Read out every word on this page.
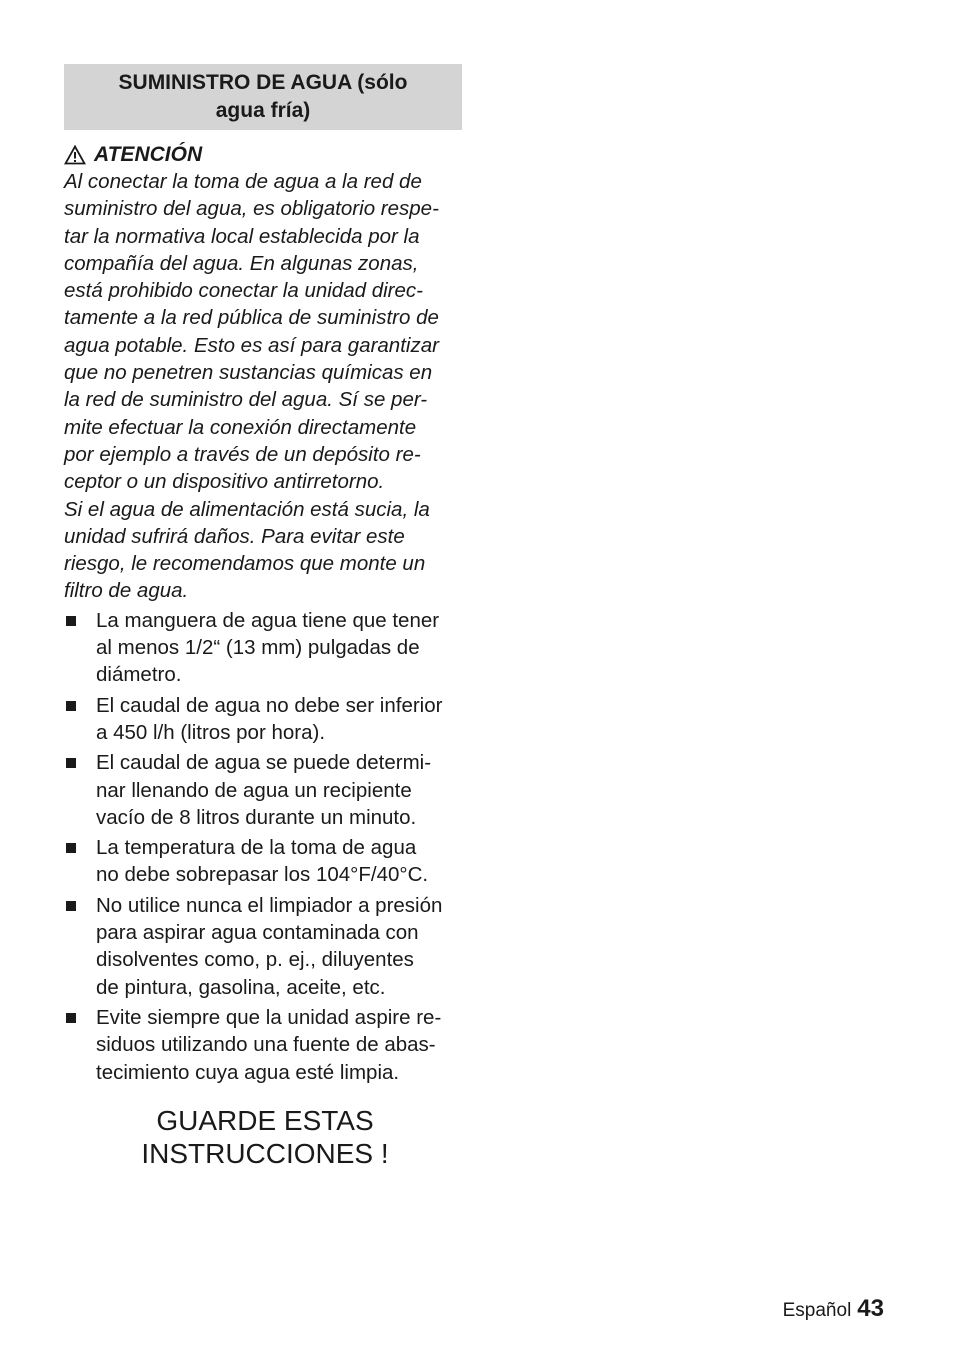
SUMINISTRO DE AGUA (sólo
agua fría)
ATENCIÓN
Al conectar la toma de agua a la red de
suministro del agua, es obligatorio respe-
tar la normativa local establecida por la
compañía del agua. En algunas zonas,
está prohibido conectar la unidad direc-
tamente a la red pública de suministro de
agua potable. Esto es así para garantizar
que no penetren sustancias químicas en
la red de suministro del agua. Sí se per-
mite efectuar la conexión directamente
por ejemplo a través de un depósito re-
ceptor o un dispositivo antirretorno.
Si el agua de alimentación está sucia, la
unidad sufrirá daños. Para evitar este
riesgo, le recomendamos que monte un
filtro de agua.
La manguera de agua tiene que tener
al menos 1/2“ (13 mm) pulgadas de
diámetro.
El caudal de agua no debe ser inferior
a 450 l/h (litros por hora).
El caudal de agua se puede determi-
nar llenando de agua un recipiente
vacío de 8 litros durante un minuto.
La temperatura de la toma de agua
no debe sobrepasar los 104°F/40°C.
No utilice nunca el limpiador a presión
para aspirar agua contaminada con
disolventes como, p. ej., diluyentes
de pintura, gasolina, aceite, etc.
Evite siempre que la unidad aspire re-
siduos utilizando una fuente de abas-
tecimiento cuya agua esté limpia.
GUARDE ESTAS
INSTRUCCIONES !
Español 43
